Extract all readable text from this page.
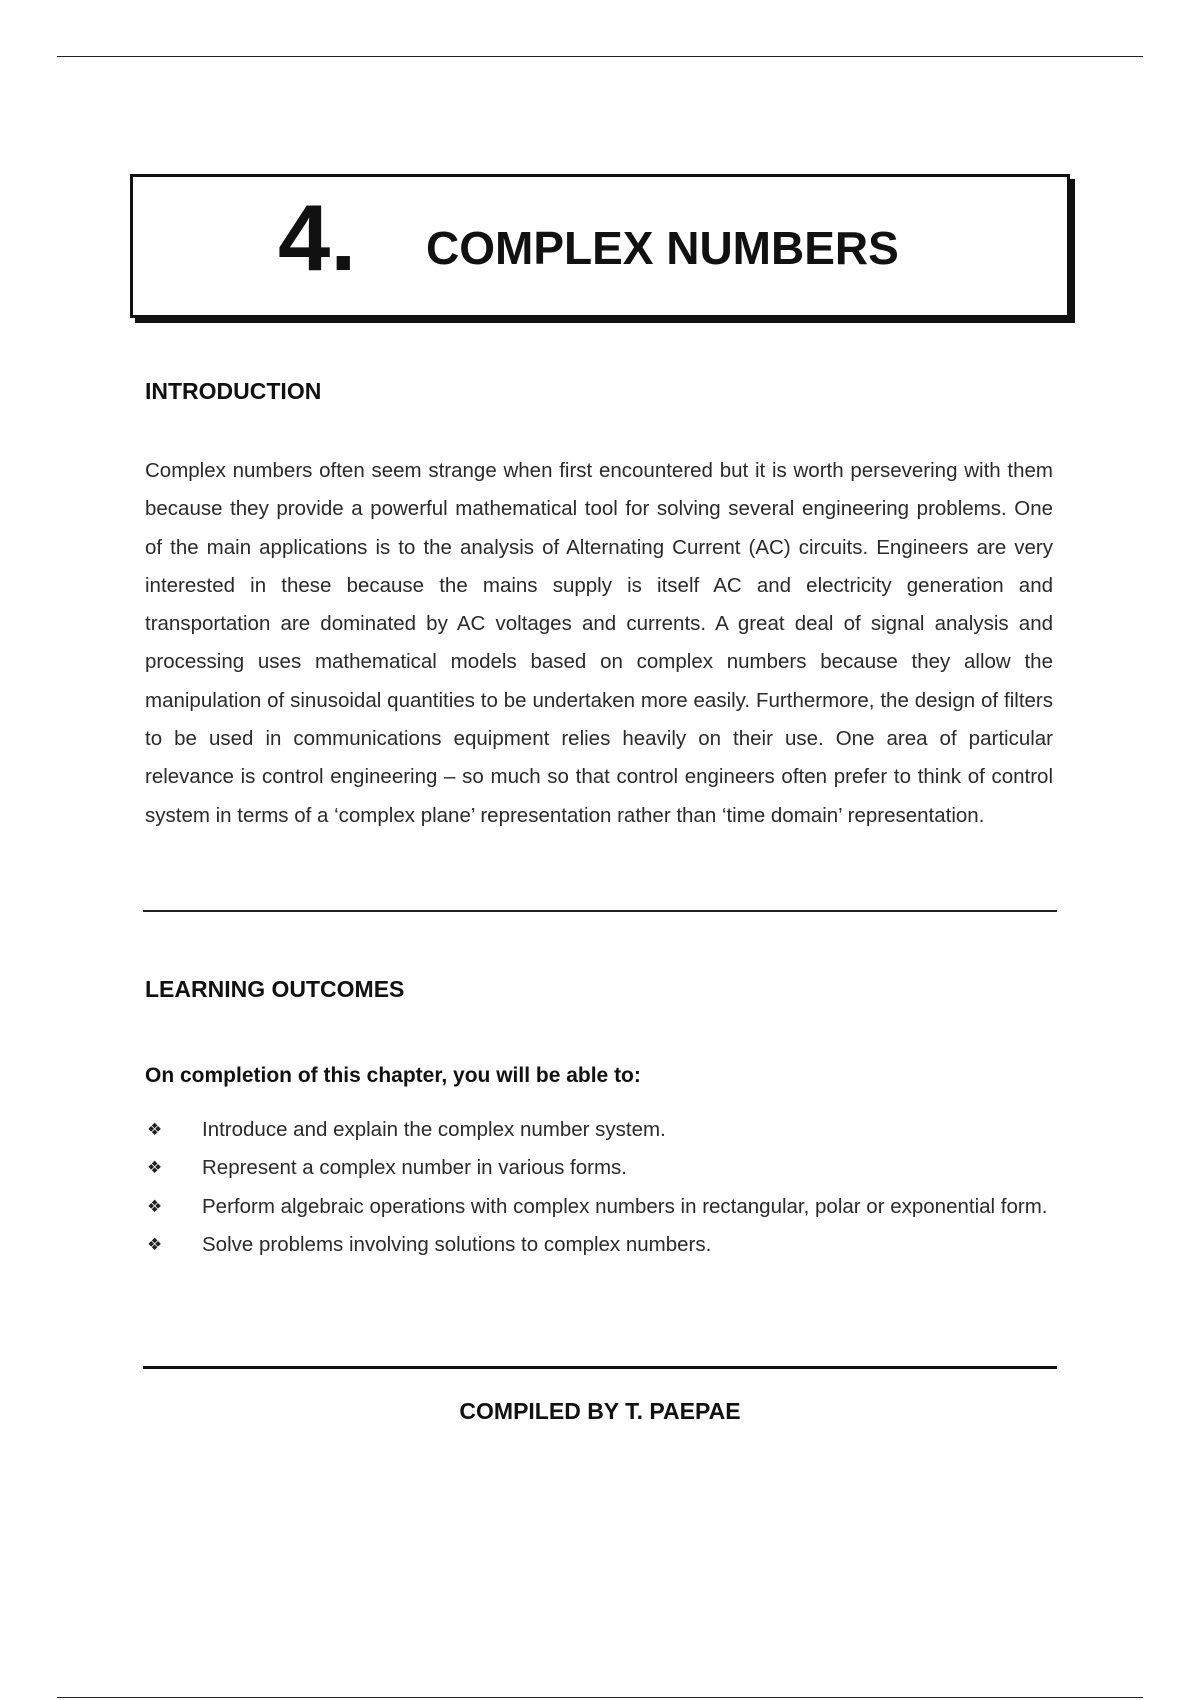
4. COMPLEX NUMBERS
INTRODUCTION

Complex numbers often seem strange when first encountered but it is worth persevering with them because they provide a powerful mathematical tool for solving several engineering problems. One of the main applications is to the analysis of Alternating Current (AC) circuits. Engineers are very interested in these because the mains supply is itself AC and electricity generation and transportation are dominated by AC voltages and currents. A great deal of signal analysis and processing uses mathematical models based on complex numbers because they allow the manipulation of sinusoidal quantities to be undertaken more easily. Furthermore, the design of filters to be used in communications equipment relies heavily on their use. One area of particular relevance is control engineering – so much so that control engineers often prefer to think of control system in terms of a ‘complex plane’ representation rather than ‘time domain’ representation.

LEARNING OUTCOMES
On completion of this chapter, you will be able to:
❖ Introduce and explain the complex number system.
❖ Represent a complex number in various forms.
❖ Perform algebraic operations with complex numbers in rectangular, polar or exponential form.
❖ Solve problems involving solutions to complex numbers.
COMPILED BY T. PAEPAE
